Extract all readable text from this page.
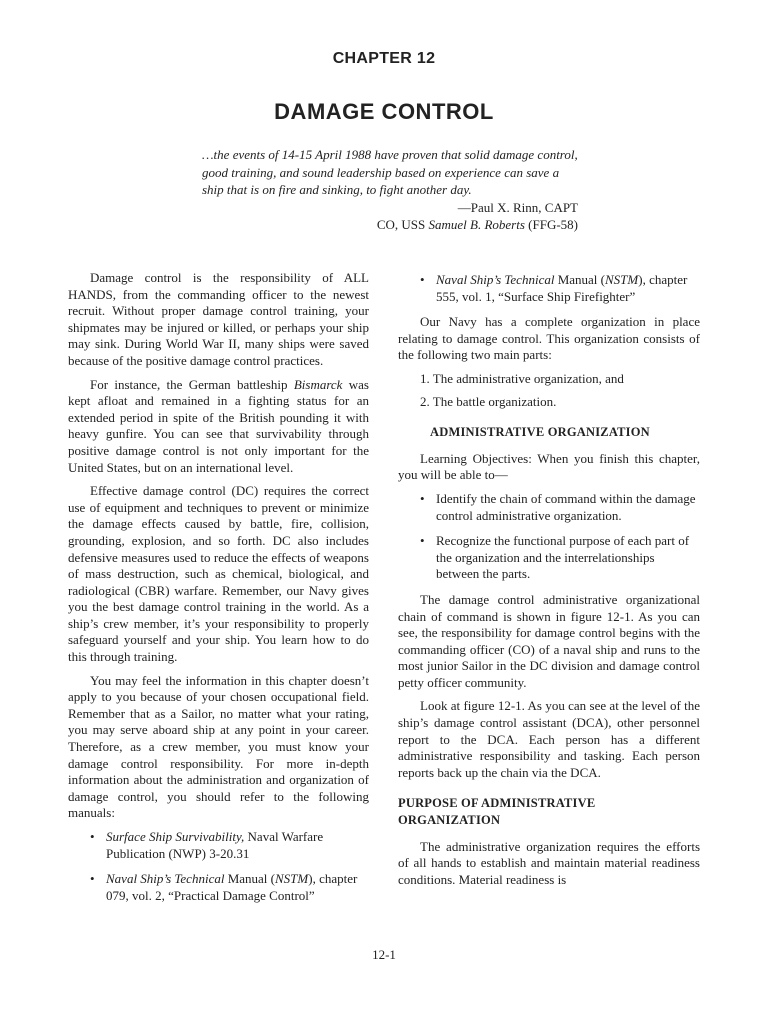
CHAPTER 12
DAMAGE CONTROL
…the events of 14-15 April 1988 have proven that solid damage control, good training, and sound leadership based on experience can save a ship that is on fire and sinking, to fight another day.
—Paul X. Rinn, CAPT
CO, USS Samuel B. Roberts (FFG-58)

Damage control is the responsibility of ALL HANDS, from the commanding officer to the newest recruit. Without proper damage control training, your shipmates may be injured or killed, or perhaps your ship may sink. During World War II, many ships were saved because of the positive damage control practices.

For instance, the German battleship Bismarck was kept afloat and remained in a fighting status for an extended period in spite of the British pounding it with heavy gunfire. You can see that survivability through positive damage control is not only important for the United States, but on an international level.

Effective damage control (DC) requires the correct use of equipment and techniques to prevent or minimize the damage effects caused by battle, fire, collision, grounding, explosion, and so forth. DC also includes defensive measures used to reduce the effects of weapons of mass destruction, such as chemical, biological, and radiological (CBR) warfare. Remember, our Navy gives you the best damage control training in the world. As a ship’s crew member, it’s your responsibility to properly safeguard yourself and your ship. You learn how to do this through training.

You may feel the information in this chapter doesn’t apply to you because of your chosen occupational field. Remember that as a Sailor, no matter what your rating, you may serve aboard ship at any point in your career. Therefore, as a crew member, you must know your damage control responsibility. For more in-depth information about the administration and organization of damage control, you should refer to the following manuals:

• Surface Ship Survivability, Naval Warfare Publication (NWP) 3-20.31
• Naval Ship’s Technical Manual (NSTM), chapter 079, vol. 2, “Practical Damage Control”
• Naval Ship’s Technical Manual (NSTM), chapter 555, vol. 1, “Surface Ship Firefighter”

Our Navy has a complete organization in place relating to damage control. This organization consists of the following two main parts:

1. The administrative organization, and
2. The battle organization.
ADMINISTRATIVE ORGANIZATION

Learning Objectives: When you finish this chapter, you will be able to—

• Identify the chain of command within the damage control administrative organization.
• Recognize the functional purpose of each part of the organization and the interrelationships between the parts.

The damage control administrative organizational chain of command is shown in figure 12-1. As you can see, the responsibility for damage control begins with the commanding officer (CO) of a naval ship and runs to the most junior Sailor in the DC division and damage control petty officer community.

Look at figure 12-1. As you can see at the level of the ship’s damage control assistant (DCA), other personnel report to the DCA. Each person has a different administrative responsibility and tasking. Each person reports back up the chain via the DCA.

PURPOSE OF ADMINISTRATIVE ORGANIZATION

The administrative organization requires the efforts of all hands to establish and maintain material readiness conditions. Material readiness is

12-1
